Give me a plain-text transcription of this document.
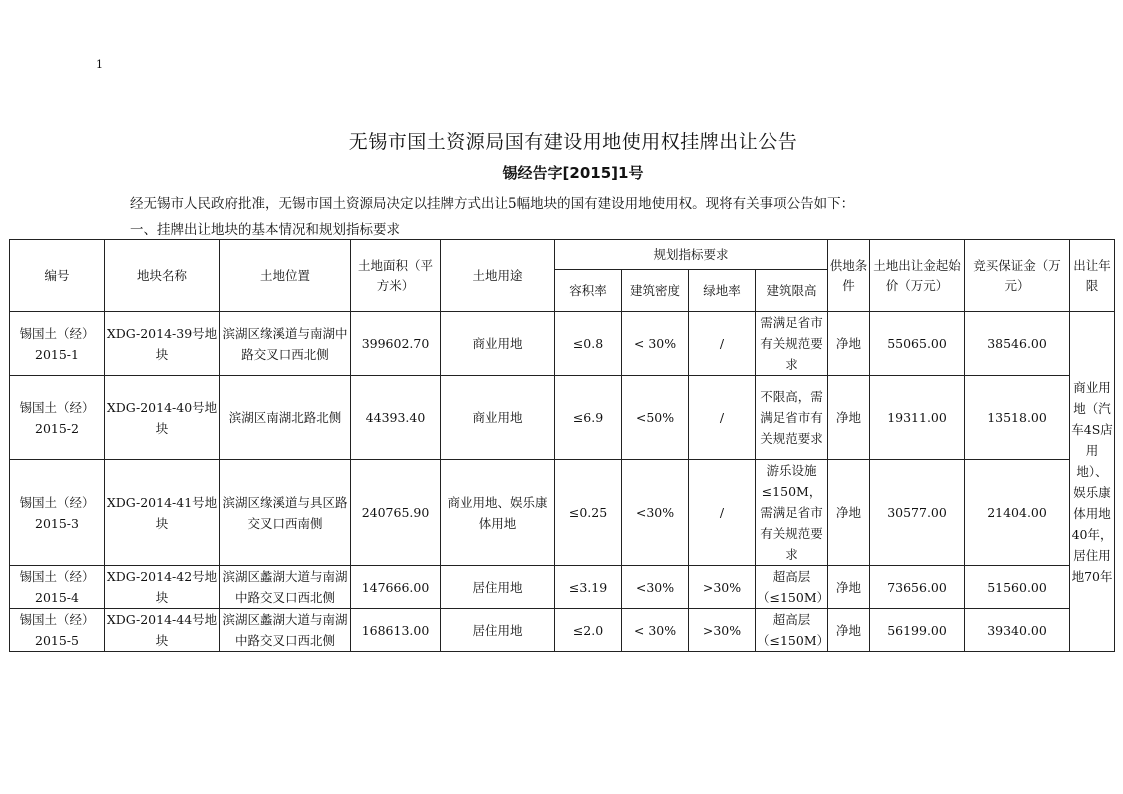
1
无锡市国土资源局国有建设用地使用权挂牌出让公告
锡经告字[2015]1号
经无锡市人民政府批准，无锡市国土资源局决定以挂牌方式出让5幅地块的国有建设用地使用权。现将有关事项公告如下：
一、挂牌出让地块的基本情况和规划指标要求
编号	地块名称	土地位置	土地面积（平方米）	土地用途	规划指标要求				供地条件	土地出让金起始价（万元）	竞买保证金（万元）	出让年限
					容积率	建筑密度	绿地率	建筑限高				
锡国土（经）2015-1	XDG-2014-39号地块	滨湖区缘溪道与南湖中路交叉口西北侧	399602.70	商业用地	≤0.8	< 30%	/	需满足省市有关规范要求	净地	55065.00	38546.00	商业用地（汽车4S店用地）、娱乐康体用地40年，居住用地70年
锡国土（经）2015-2	XDG-2014-40号地块	滨湖区南湖北路北侧	44393.40	商业用地	≤6.9	<50%	/	不限高，需满足省市有关规范要求	净地	19311.00	13518.00	
锡国土（经）2015-3	XDG-2014-41号地块	滨湖区缘溪道与具区路交叉口西南侧	240765.90	商业用地、娱乐康体用地	≤0.25	<30%	/	游乐设施≤150M，需满足省市有关规范要求	净地	30577.00	21404.00	
锡国土（经）2015-4	XDG-2014-42号地块	滨湖区蠡湖大道与南湖中路交叉口西北侧	147666.00	居住用地	≤3.19	<30%	>30%	超高层（≤150M）	净地	73656.00	51560.00	
锡国土（经）2015-5	XDG-2014-44号地块	滨湖区蠡湖大道与南湖中路交叉口西北侧	168613.00	居住用地	≤2.0	< 30%	>30%	超高层（≤150M）	净地	56199.00	39340.00	
